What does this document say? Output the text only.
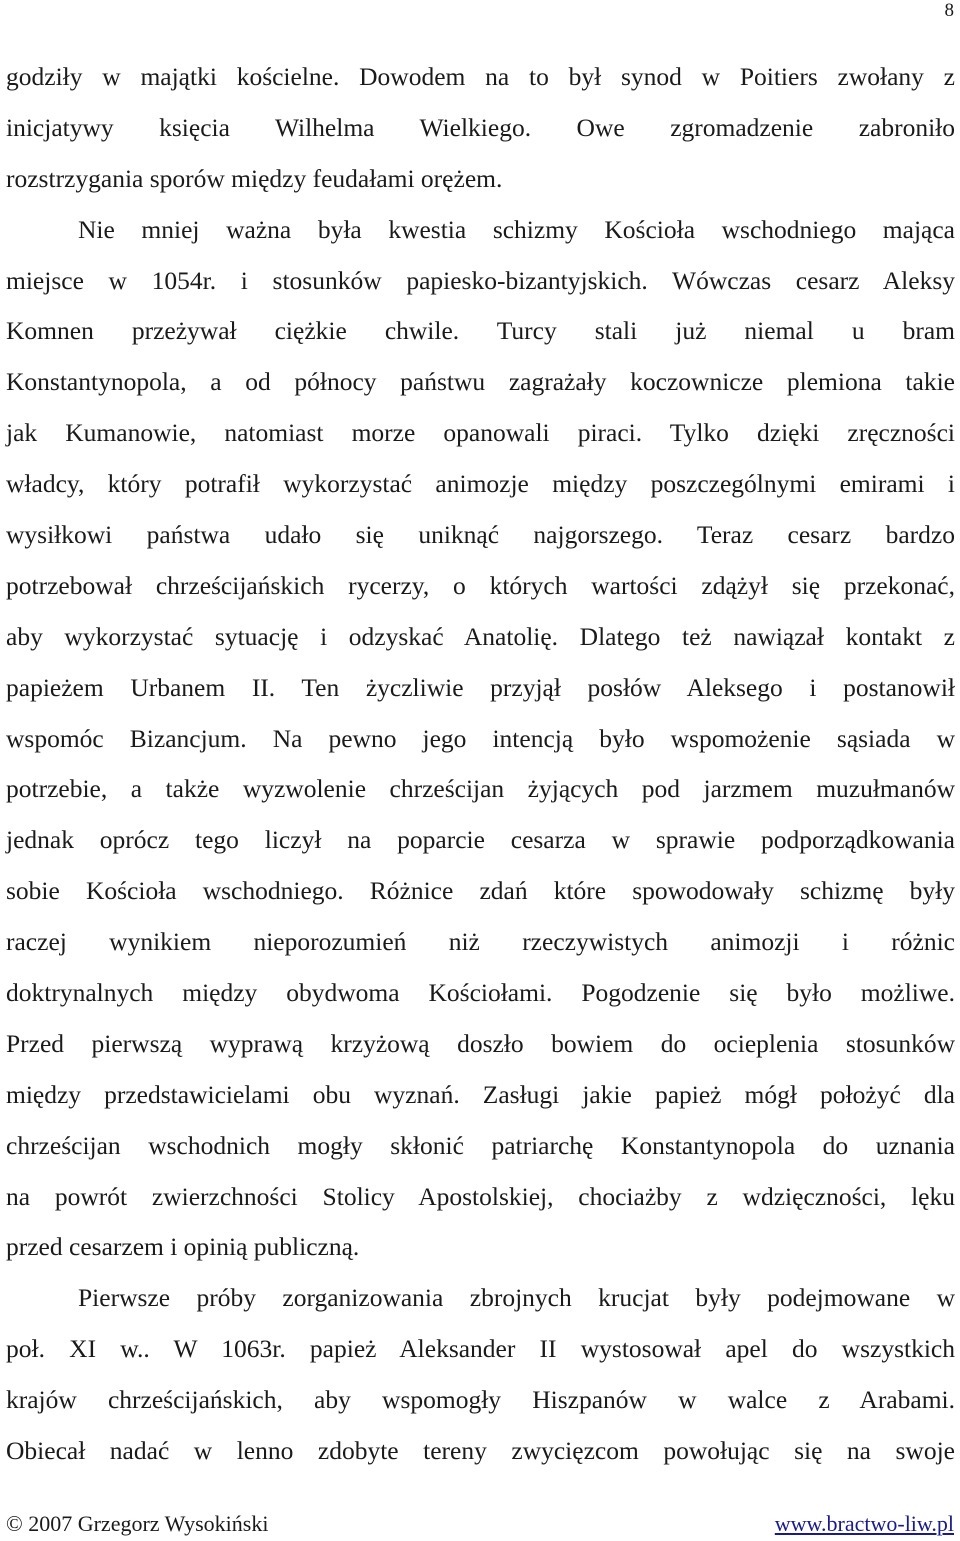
8
godziły w majątki kościelne. Dowodem na to był synod w Poitiers zwołany z
inicjatywy księcia Wilhelma Wielkiego. Owe zgromadzenie zabroniło
rozstrzygania sporów między feudałami orężem.
Nie mniej ważna była kwestia schizmy Kościoła wschodniego mająca
miejsce w 1054r. i stosunków papiesko-bizantyjskich. Wówczas cesarz Aleksy
Komnen przeżywał ciężkie chwile. Turcy stali już niemal u bram
Konstantynopola, a od północy państwu zagrażały koczownicze plemiona takie
jak Kumanowie, natomiast morze opanowali piraci. Tylko dzięki zręczności
władcy, który potrafił wykorzystać animozje między poszczególnymi emirami i
wysiłkowi państwa udało się uniknąć najgorszego. Teraz cesarz bardzo
potrzebował chrześcijańskich rycerzy, o których wartości zdążył się przekonać,
aby wykorzystać sytuację i odzyskać Anatolię. Dlatego też nawiązał kontakt z
papieżem Urbanem II. Ten życzliwie przyjął posłów Aleksego i postanowił
wspomóc Bizancjum. Na pewno jego intencją było wspomożenie sąsiada w
potrzebie, a także wyzwolenie chrześcijan żyjących pod jarzmem muzułmanów
jednak oprócz tego liczył na poparcie cesarza w sprawie podporządkowania
sobie Kościoła wschodniego. Różnice zdań które spowodowały schizmę były
raczej wynikiem nieporozumień niż rzeczywistych animozji i różnic
doktrynalnych między obydwoma Kościołami. Pogodzenie się było możliwe.
Przed pierwszą wyprawą krzyżową doszło bowiem do ocieplenia stosunków
między przedstawicielami obu wyznań. Zasługi jakie papież mógł położyć dla
chrześcijan wschodnich mogły skłonić patriarchę Konstantynopola do uznania
na powrót zwierzchności Stolicy Apostolskiej, chociażby z wdzięczności, lęku
przed cesarzem i opinią publiczną.
Pierwsze próby zorganizowania zbrojnych krucjat były podejmowane w
poł. XI w.. W 1063r. papież Aleksander II wystosował apel do wszystkich
krajów chrześcijańskich, aby wspomogły Hiszpanów w walce z Arabami.
Obiecał nadać w lenno zdobyte tereny zwycięzcom powołując się na swoje
© 2007 Grzegorz Wysokiński	www.bractwo-liw.pl
